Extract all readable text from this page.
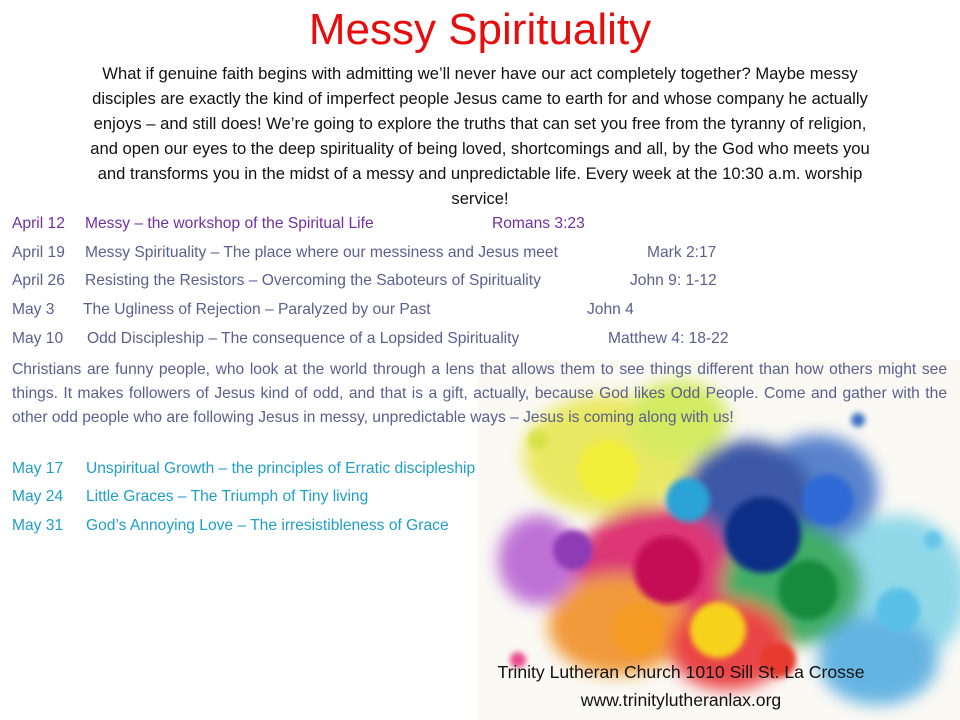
Messy Spirituality
What if genuine faith begins with admitting we’ll never have our act completely together? Maybe messy
disciples are exactly the kind of imperfect people Jesus came to earth for and whose company he actually
enjoys – and still does! We’re going to explore the truths that can set you free from the tyranny of religion,
and open our eyes to the deep spirituality of being loved, shortcomings and all, by the God who meets you
and transforms you in the midst of a messy and unpredictable life. Every week at the 10:30 a.m. worship
service!
April 12 Messy – the workshop of the Spiritual Life	Romans 3:23
April 19 Messy Spirituality – The place where our messiness and Jesus meet	Mark 2:17
April 26 Resisting the Resistors – Overcoming the Saboteurs of Spirituality	John 9: 1-12
May 3 The Ugliness of Rejection – Paralyzed by our Past	John 4
May 10 Odd Discipleship – The consequence of a Lopsided Spirituality	Matthew 4: 18-22
Christians are funny people, who look at the world through a lens that allows them to see things different than how others might see things. It makes followers of Jesus kind of odd, and that is a gift, actually, because God likes Odd People. Come and gather with the other odd people who are following Jesus in messy, unpredictable ways – Jesus is coming along with us!
May 17 Unspiritual Growth – the principles of Erratic discipleship
May 24 Little Graces – The Triumph of Tiny living
May 31 God’s Annoying Love – The irresistibleness of Grace
Trinity Lutheran Church 1010 Sill St. La Crosse
www.trinitylutheranlax.org
